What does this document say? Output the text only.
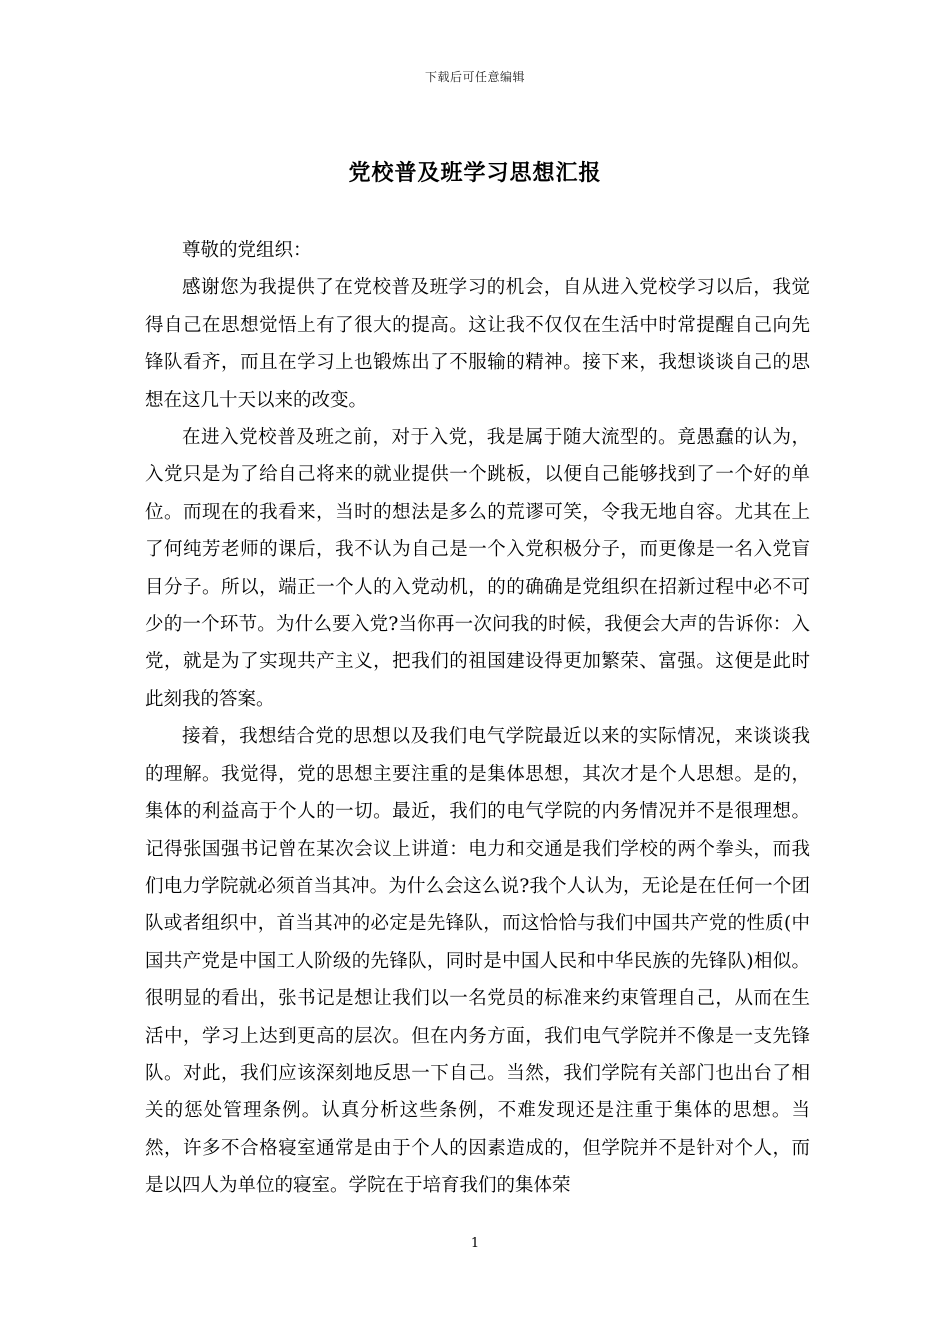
下载后可任意编辑
党校普及班学习思想汇报

尊敬的党组织：

感谢您为我提供了在党校普及班学习的机会，自从进入党校学习以后，我觉得自己在思想觉悟上有了很大的提高。这让我不仅仅在生活中时常提醒自己向先锋队看齐，而且在学习上也锻炼出了不服输的精神。接下来，我想谈谈自己的思想在这几十天以来的改变。

在进入党校普及班之前，对于入党，我是属于随大流型的。竟愚蠢的认为，入党只是为了给自己将来的就业提供一个跳板，以便自己能够找到了一个好的单位。而现在的我看来，当时的想法是多么的荒谬可笑，令我无地自容。尤其在上了何纯芳老师的课后，我不认为自己是一个入党积极分子，而更像是一名入党盲目分子。所以，端正一个人的入党动机，的的确确是党组织在招新过程中必不可少的一个环节。为什么要入党?当你再一次问我的时候，我便会大声的告诉你：入党，就是为了实现共产主义，把我们的祖国建设得更加繁荣、富强。这便是此时此刻我的答案。

接着，我想结合党的思想以及我们电气学院最近以来的实际情况，来谈谈我的理解。我觉得，党的思想主要注重的是集体思想，其次才是个人思想。是的，集体的利益高于个人的一切。最近，我们的电气学院的内务情况并不是很理想。记得张国强书记曾在某次会议上讲道：电力和交通是我们学校的两个拳头，而我们电力学院就必须首当其冲。为什么会这么说?我个人认为，无论是在任何一个团队或者组织中，首当其冲的必定是先锋队，而这恰恰与我们中国共产党的性质(中国共产党是中国工人阶级的先锋队，同时是中国人民和中华民族的先锋队)相似。很明显的看出，张书记是想让我们以一名党员的标准来约束管理自己，从而在生活中，学习上达到更高的层次。但在内务方面，我们电气学院并不像是一支先锋队。对此，我们应该深刻地反思一下自己。当然，我们学院有关部门也出台了相关的惩处管理条例。认真分析这些条例，不难发现还是注重于集体的思想。当然，许多不合格寝室通常是由于个人的因素造成的，但学院并不是针对个人，而是以四人为单位的寝室。学院在于培育我们的集体荣

1
